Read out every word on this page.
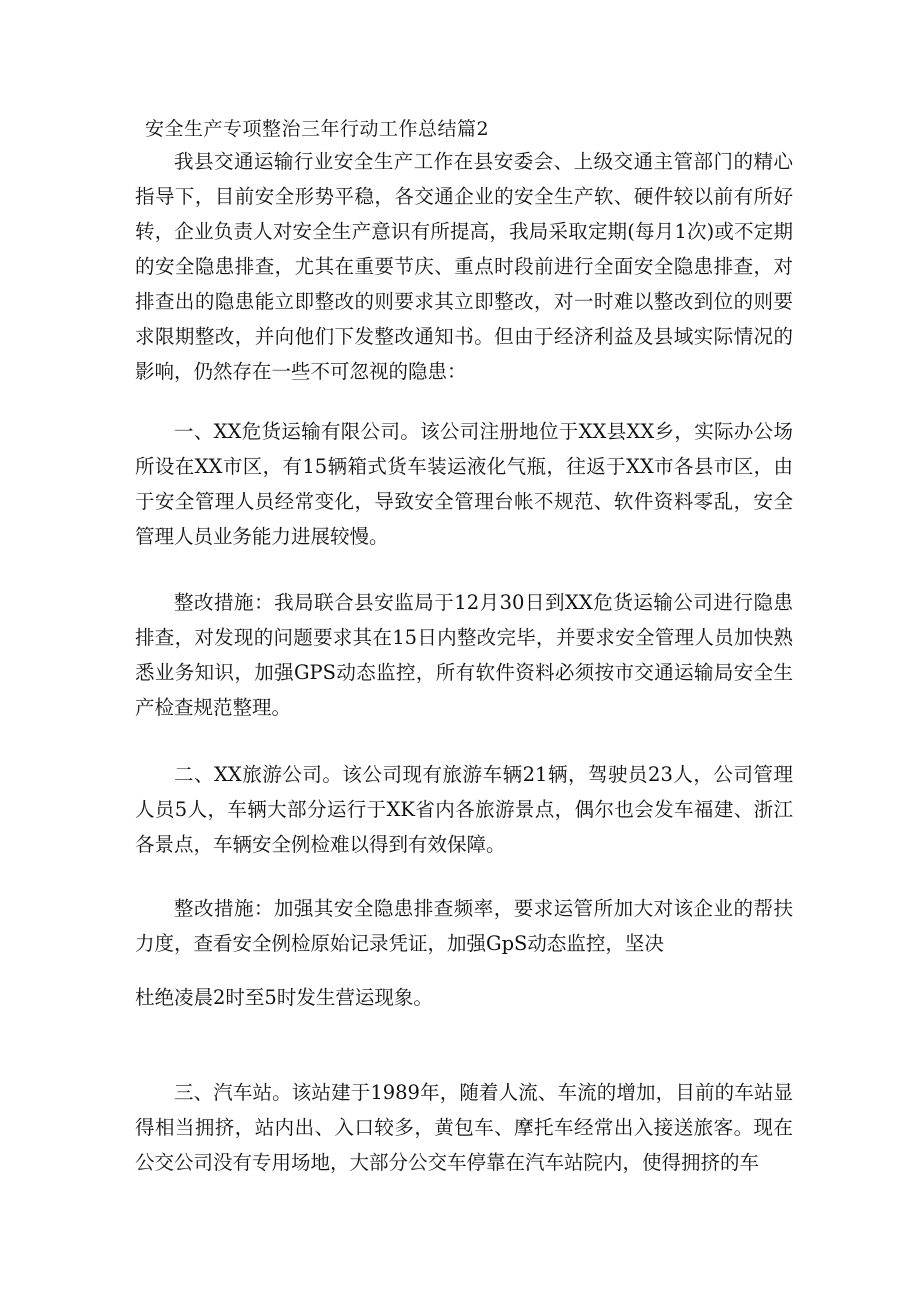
安全生产专项整治三年行动工作总结篇2

我县交通运输行业安全生产工作在县安委会、上级交通主管部门的精心指导下，目前安全形势平稳，各交通企业的安全生产软、硬件较以前有所好转，企业负责人对安全生产意识有所提高，我局采取定期(每月1次)或不定期的安全隐患排查，尤其在重要节庆、重点时段前进行全面安全隐患排查，对排查出的隐患能立即整改的则要求其立即整改，对一时难以整改到位的则要求限期整改，并向他们下发整改通知书。但由于经济利益及县域实际情况的影响，仍然存在一些不可忽视的隐患：

一、XX危货运输有限公司。该公司注册地位于XX县XX乡，实际办公场所设在XX市区，有15辆箱式货车装运液化气瓶，往返于XX市各县市区，由于安全管理人员经常变化，导致安全管理台帐不规范、软件资料零乱，安全管理人员业务能力进展较慢。

整改措施：我局联合县安监局于12月30日到XX危货运输公司进行隐患排查，对发现的问题要求其在15日内整改完毕，并要求安全管理人员加快熟悉业务知识，加强GPS动态监控，所有软件资料必须按市交通运输局安全生产检查规范整理。

二、XX旅游公司。该公司现有旅游车辆21辆，驾驶员23人，公司管理人员5人，车辆大部分运行于XK省内各旅游景点，偶尔也会发车福建、浙江各景点，车辆安全例检难以得到有效保障。

整改措施：加强其安全隐患排查频率，要求运管所加大对该企业的帮扶力度，查看安全例检原始记录凭证，加强GpS动态监控，坚决

杜绝凌晨2时至5时发生营运现象。

三、汽车站。该站建于1989年，随着人流、车流的增加，目前的车站显得相当拥挤，站内出、入口较多，黄包车、摩托车经常出入接送旅客。现在公交公司没有专用场地，大部分公交车停靠在汽车站院内，使得拥挤的车
